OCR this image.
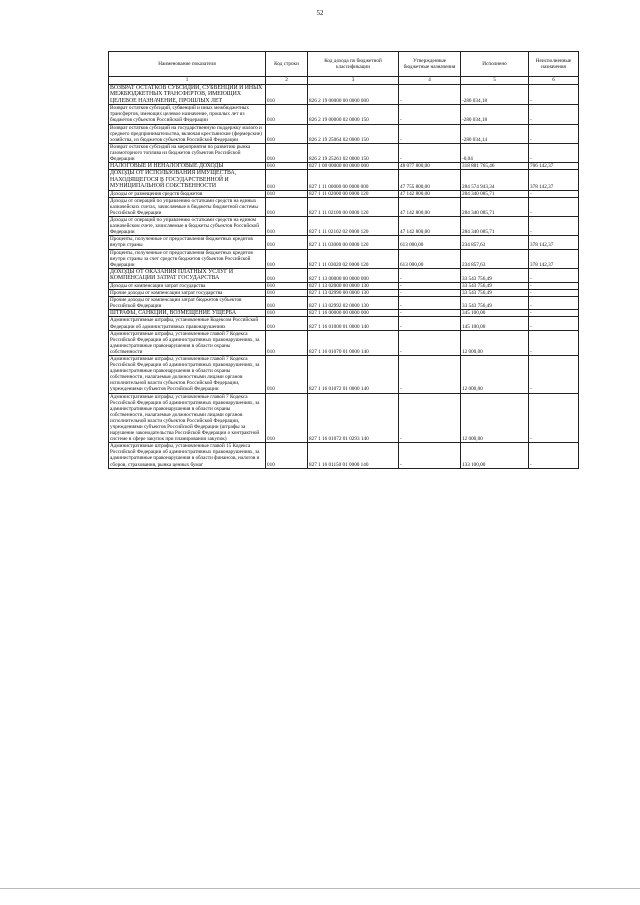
52
Наименование показателя	Код строки	Код дохода по бюджетной классификации	Утвержденные бюджетные назначения	Исполнено	Неисполненные назначения
1	2	3	4	5	6
ВОЗВРАТ ОСТАТКОВ СУБСИДИЙ, СУБВЕНЦИЙ И ИНЫХ МЕЖБЮДЖЕТНЫХ ТРАНСФЕРТОВ, ИМЕЮЩИХ ЦЕЛЕВОЕ НАЗНАЧЕНИЕ, ПРОШЛЫХ ЛЕТ	010	826 2 19 00000 00 0000 000	-	-280 034,18	-
Возврат остатков субсидий, субвенций и иных межбюджетных трансфертов, имеющих целевое назначение, прошлых лет из бюджетов субъектов Российской Федерации	010	826 2 19 00000 02 0000 150	-	-280 034,18	-
Возврат остатков субсидий на государственную поддержку малого и среднего предпринимательства, включая крестьянские (фермерские) хозяйства, из бюджетов субъектов Российской Федерации	010	826 2 19 25064 02 0000 150	-	-280 034,14	-
Возврат остатков субсидий на мероприятия по развитию рынка газомоторного топлива из бюджетов субъектов Российской Федерации	010	826 2 19 25261 02 0000 150	-	-0,04	-
НАЛОГОВЫЕ И НЕНАЛОГОВЫЕ ДОХОДЫ	010	827 1 00 00000 00 0000 000	48 077 800,00	318 881 765,46	706 142,37
ДОХОДЫ ОТ ИСПОЛЬЗОВАНИЯ ИМУЩЕСТВА, НАХОДЯЩЕГОСЯ В ГОСУДАРСТВЕННОЙ И МУНИЦИПАЛЬНОЙ СОБСТВЕННОСТИ	010	827 1 11 00000 00 0000 000	47 755 800,00	284 574 943,34	378 142,37
Доходы от размещения средств бюджетов	010	827 1 11 02000 00 0000 120	47 142 800,00	284 340 085,71	-
Доходы от операций по управлению остатками средств на единых казначейских счетах, зачисляемые в бюджеты бюджетной системы Российской Федерации	010	827 1 11 02100 00 0000 120	47 142 800,00	284 340 085,71	-
Доходы от операций по управлению остатками средств на едином казначейском счете, зачисляемые в бюджеты субъектов Российской Федерации	010	827 1 11 02102 02 0000 120	47 142 800,00	284 340 085,71	-
Проценты, полученные от предоставления бюджетных кредитов внутри страны	010	827 1 11 03000 00 0000 120	613 000,00	234 857,63	378 142,37
Проценты, полученные от предоставления бюджетных кредитов внутри страны за счет средств бюджетов субъектов Российской Федерации	010	827 1 11 03020 02 0000 120	613 000,00	234 857,63	378 142,37
ДОХОДЫ ОТ ОКАЗАНИЯ ПЛАТНЫХ УСЛУГ И КОМПЕНСАЦИИ ЗАТРАТ ГОСУДАРСТВА	010	827 1 13 00000 00 0000 000	-	33 543 756,49	-
Доходы от компенсации затрат государства	010	827 1 13 02000 00 0000 130	-	33 543 756,49	-
Прочие доходы от компенсации затрат государства	010	827 1 13 02990 00 0000 130	-	33 543 756,49	-
Прочие доходы от компенсации затрат бюджетов субъектов Российской Федерации	010	827 1 13 02992 02 0000 130	-	33 543 756,49	-
ШТРАФЫ, САНКЦИИ, ВОЗМЕЩЕНИЕ УЩЕРБА	010	827 1 16 00000 00 0000 000	-	345 100,00	-
Административные штрафы, установленные Кодексом Российской Федерации об административных правонарушениях	010	827 1 16 01000 01 0000 140	-	145 100,00	-
Административные штрафы, установленные главой 7 Кодекса Российской Федерации об административных правонарушениях, за административные правонарушения в области охраны собственности	010	827 1 16 01070 01 0000 140	-	12 000,00	-
Административные штрафы, установленные главой 7 Кодекса Российской Федерации об административных правонарушениях, за административные правонарушения в области охраны собственности, налагаемые должностными лицами органов исполнительной власти субъектов Российской Федерации, учреждениями субъектов Российской Федерации	010	827 1 16 01072 01 0000 140	-	12 000,00	-
Административные штрафы, установленные главой 7 Кодекса Российской Федерации об административных правонарушениях, за административные правонарушения в области охраны собственности, налагаемые должностными лицами органов исполнительной власти субъектов Российской Федерации, учреждениями субъектов Российской Федерации (штрафы за нарушение законодательства Российской Федерации о контрактной системе в сфере закупок при планировании закупок)	010	827 1 16 01072 01 0293 140	-	12 000,00	-
Административные штрафы, установленные главой 15 Кодекса Российской Федерации об административных правонарушениях, за административные правонарушения в области финансов, налогов и сборов, страхования, рынка ценных бумаг	010	827 1 16 01150 01 0000 140	-	133 100,00	-
